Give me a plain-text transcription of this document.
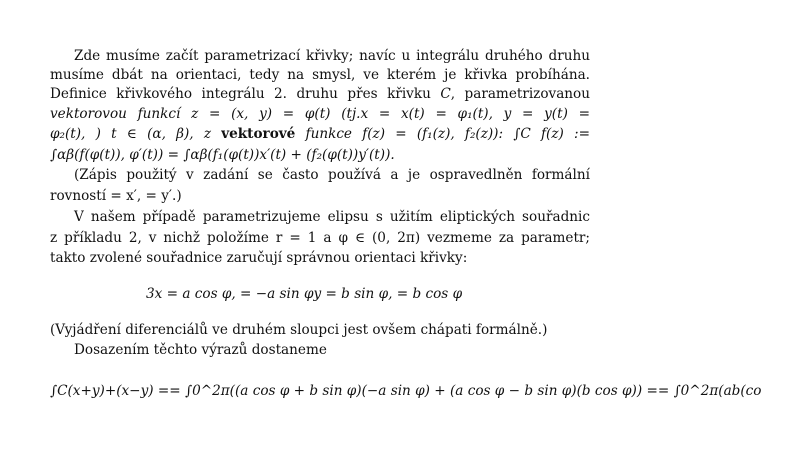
Zde musíme začít parametrizací křivky; navíc u integrálu druhého druhu
musíme dbát na orientaci, tedy na smysl, ve kterém je křivka probíhána.
Definice křivkového integrálu 2. druhu přes křivku C, parametrizovanou
vektorovou funkcí z = (x, y) = φ(t) (tj.x = x(t) = φ₁(t), y = y(t) =
φ₂(t), ) t ∈ (α, β), z vektorové funkce f(z) = (f₁(z), f₂(z)): ∫C f(z) :=
∫αβ(f(φ(t)), φ′(t)) = ∫αβ(f₁(φ(t))x′(t) + (f₂(φ(t))y′(t)).
(Zápis použitý v zadání se často používá a je ospravedlněn formální
rovností = x′, = y′.)
V našem případě parametrizujeme elipsu s užitím eliptických souřadnic
z příkladu 2, v nichž položíme r = 1 a φ ∈ (0, 2π) vezmeme za parametr;
takto zvolené souřadnice zaručují správnou orientaci křivky:
3x = a cos φ, = −a sin φy = b sin φ, = b cos φ
(Vyjádření diferenciálů ve druhém sloupci jest ovšem chápati formálně.)
Dosazením těchto výrazů dostaneme
∫C(x+y)+(x−y) == ∫0^2π((a cos φ + b sin φ)(−a sin φ) + (a cos φ − b sin φ)(b cos φ)) == ∫0^2π(ab(co
